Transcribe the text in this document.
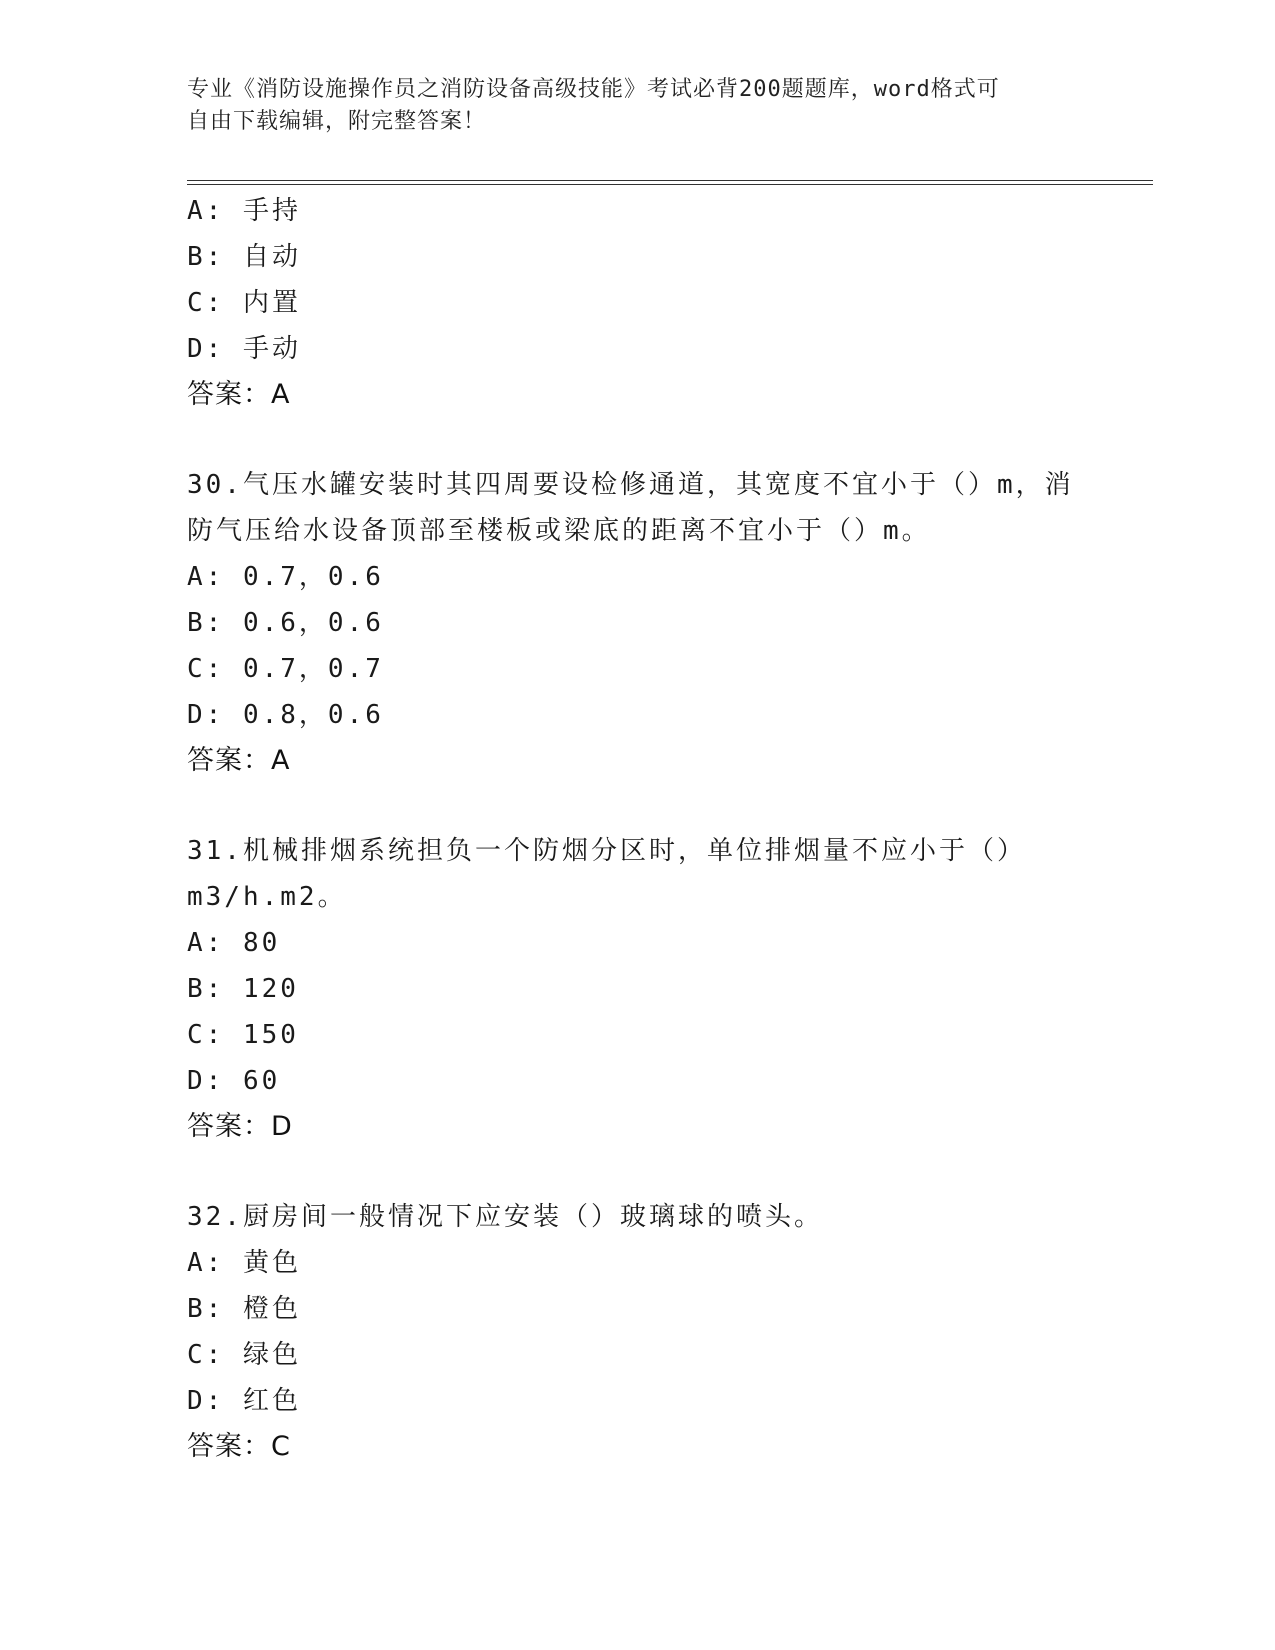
专业《消防设施操作员之消防设备高级技能》考试必背200题题库，word格式可
自由下载编辑，附完整答案！
A: 手持
B: 自动
C: 内置
D: 手动
答案：A
30.气压水罐安装时其四周要设检修通道，其宽度不宜小于（）m，消
防气压给水设备顶部至楼板或梁底的距离不宜小于（）m。
A: 0.7，0.6
B: 0.6，0.6
C: 0.7，0.7
D: 0.8，0.6
答案：A
31.机械排烟系统担负一个防烟分区时，单位排烟量不应小于（）
m3/h.m2。
A: 80
B: 120
C: 150
D: 60
答案：D
32.厨房间一般情况下应安装（）玻璃球的喷头。
A: 黄色
B: 橙色
C: 绿色
D: 红色
答案：C
